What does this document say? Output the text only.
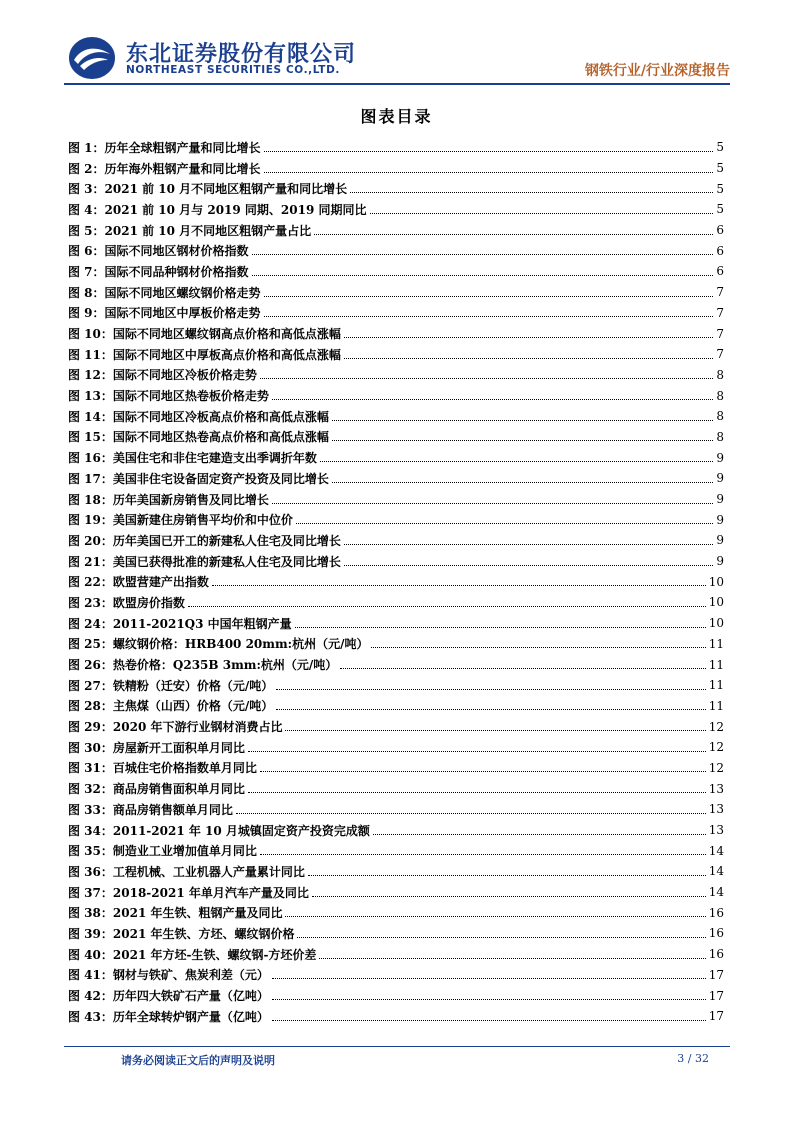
东北证券股份有限公司
NORTHEAST SECURITIES CO.,LTD.	钢铁行业/行业深度报告
图表目录
图 1： 历年全球粗钢产量和同比增长	5
图 2： 历年海外粗钢产量和同比增长	5
图 3： 2021 前 10 月不同地区粗钢产量和同比增长	5
图 4： 2021 前 10 月与 2019 同期、2019 同期同比	5
图 5： 2021 前 10 月不同地区粗钢产量占比	6
图 6： 国际不同地区钢材价格指数	6
图 7： 国际不同品种钢材价格指数	6
图 8： 国际不同地区螺纹钢价格走势	7
图 9： 国际不同地区中厚板价格走势	7
图 10： 国际不同地区螺纹钢高点价格和高低点涨幅	7
图 11： 国际不同地区中厚板高点价格和高低点涨幅	7
图 12： 国际不同地区冷板价格走势	8
图 13： 国际不同地区热卷板价格走势	8
图 14： 国际不同地区冷板高点价格和高低点涨幅	8
图 15： 国际不同地区热卷高点价格和高低点涨幅	8
图 16： 美国住宅和非住宅建造支出季调折年数	9
图 17： 美国非住宅设备固定资产投资及同比增长	9
图 18： 历年美国新房销售及同比增长	9
图 19： 美国新建住房销售平均价和中位价	9
图 20： 历年美国已开工的新建私人住宅及同比增长	9
图 21： 美国已获得批准的新建私人住宅及同比增长	9
图 22： 欧盟营建产出指数	10
图 23： 欧盟房价指数	10
图 24： 2011-2021Q3 中国年粗钢产量	10
图 25： 螺纹钢价格：HRB400 20mm:杭州（元/吨）	11
图 26： 热卷价格：Q235B 3mm:杭州（元/吨）	11
图 27： 铁精粉（迁安）价格（元/吨）	11
图 28： 主焦煤（山西）价格（元/吨）	11
图 29： 2020 年下游行业钢材消费占比	12
图 30： 房屋新开工面积单月同比	12
图 31： 百城住宅价格指数单月同比	12
图 32： 商品房销售面积单月同比	13
图 33： 商品房销售额单月同比	13
图 34： 2011-2021 年 10 月城镇固定资产投资完成额	13
图 35： 制造业工业增加值单月同比	14
图 36： 工程机械、工业机器人产量累计同比	14
图 37： 2018-2021 年单月汽车产量及同比	14
图 38： 2021 年生铁、粗钢产量及同比	16
图 39： 2021 年生铁、方坯、螺纹钢价格	16
图 40： 2021 年方坯-生铁、螺纹钢-方坯价差	16
图 41： 钢材与铁矿、焦炭利差（元）	17
图 42： 历年四大铁矿石产量（亿吨）	17
图 43： 历年全球转炉钢产量（亿吨）	17
请务必阅读正文后的声明及说明	3 / 32
